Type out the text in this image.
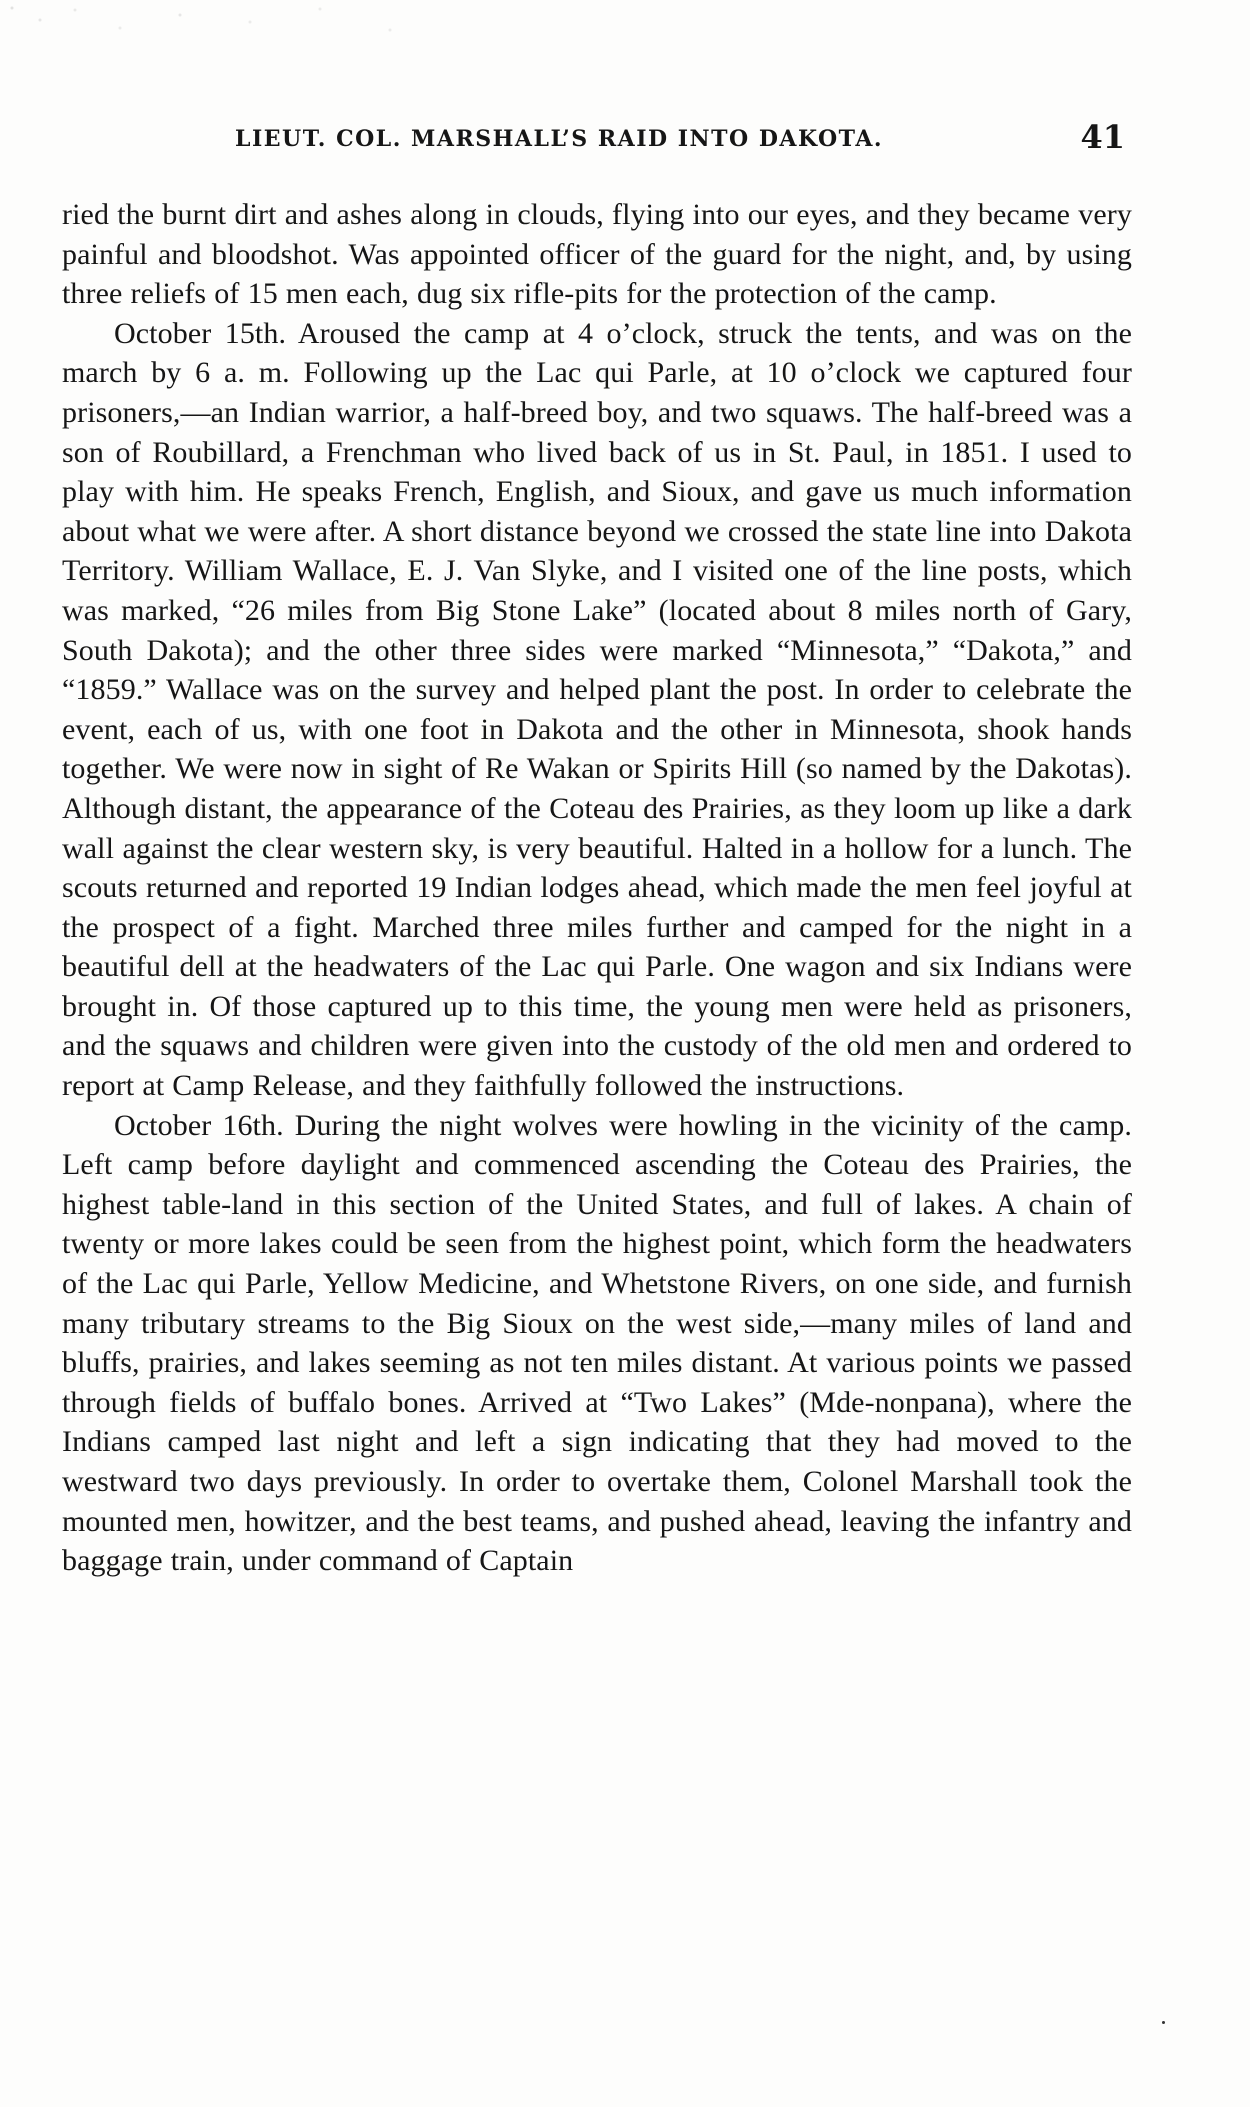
LIEUT. COL. MARSHALL’S RAID INTO DAKOTA.	41

ried the burnt dirt and ashes along in clouds, flying into our eyes, and they became very painful and bloodshot. Was appointed officer of the guard for the night, and, by using three reliefs of 15 men each, dug six rifle-pits for the protection of the camp.

October 15th. Aroused the camp at 4 o’clock, struck the tents, and was on the march by 6 a. m. Following up the Lac qui Parle, at 10 o’clock we captured four prisoners,—an Indian warrior, a half-breed boy, and two squaws. The half-breed was a son of Roubillard, a Frenchman who lived back of us in St. Paul, in 1851. I used to play with him. He speaks French, English, and Sioux, and gave us much information about what we were after. A short distance beyond we crossed the state line into Dakota Territory. William Wallace, E. J. Van Slyke, and I visited one of the line posts, which was marked, “26 miles from Big Stone Lake” (located about 8 miles north of Gary, South Dakota); and the other three sides were marked “Minnesota,” “Dakota,” and “1859.” Wallace was on the survey and helped plant the post. In order to celebrate the event, each of us, with one foot in Dakota and the other in Minnesota, shook hands together. We were now in sight of Re Wakan or Spirits Hill (so named by the Dakotas). Although distant, the appearance of the Coteau des Prairies, as they loom up like a dark wall against the clear western sky, is very beautiful. Halted in a hollow for a lunch. The scouts returned and reported 19 Indian lodges ahead, which made the men feel joyful at the prospect of a fight. Marched three miles further and camped for the night in a beautiful dell at the headwaters of the Lac qui Parle. One wagon and six Indians were brought in. Of those captured up to this time, the young men were held as prisoners, and the squaws and children were given into the custody of the old men and ordered to report at Camp Release, and they faithfully followed the instructions.

October 16th. During the night wolves were howling in the vicinity of the camp. Left camp before daylight and commenced ascending the Coteau des Prairies, the highest table-land in this section of the United States, and full of lakes. A chain of twenty or more lakes could be seen from the highest point, which form the headwaters of the Lac qui Parle, Yellow Medicine, and Whetstone Rivers, on one side, and furnish many tributary streams to the Big Sioux on the west side,—many miles of land and bluffs, prairies, and lakes seeming as not ten miles distant. At various points we passed through fields of buffalo bones. Arrived at “Two Lakes” (Mde-nonpana), where the Indians camped last night and left a sign indicating that they had moved to the westward two days previously. In order to overtake them, Colonel Marshall took the mounted men, howitzer, and the best teams, and pushed ahead, leaving the infantry and baggage train, under command of Captain
